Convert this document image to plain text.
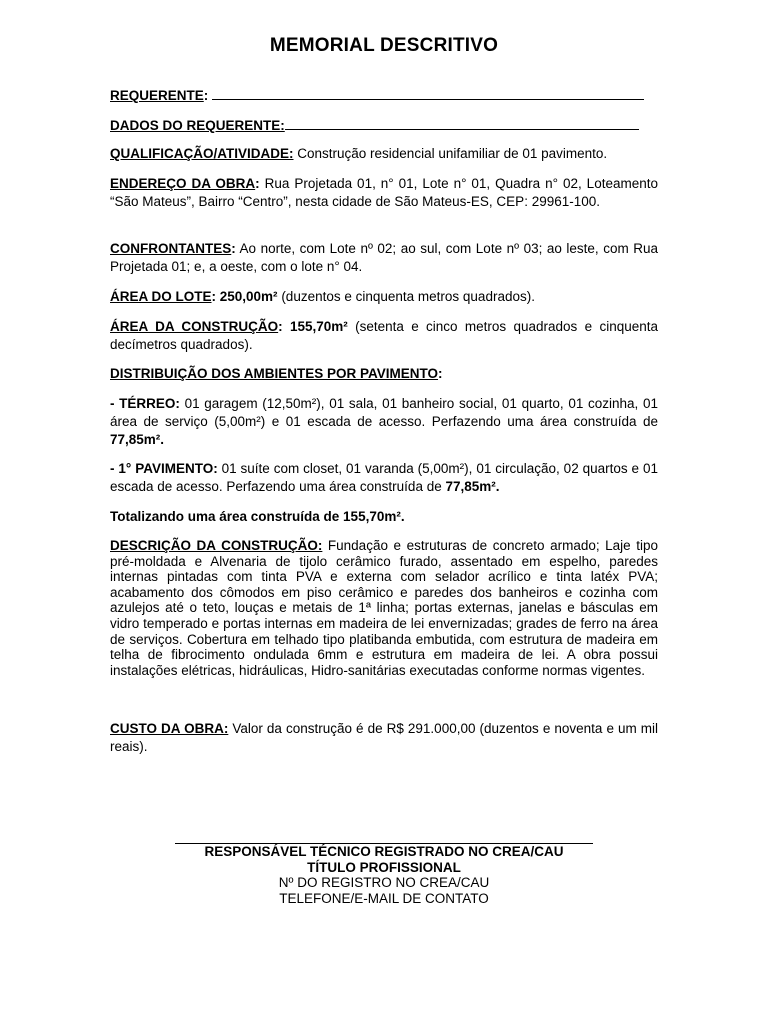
MEMORIAL DESCRITIVO
REQUERENTE:
DADOS DO REQUERENTE:
QUALIFICAÇÃO/ATIVIDADE: Construção residencial unifamiliar de 01 pavimento.
ENDEREÇO DA OBRA: Rua Projetada 01, n° 01, Lote n° 01, Quadra n° 02, Loteamento “São Mateus”, Bairro “Centro”, nesta cidade de São Mateus-ES, CEP: 29961-100.
CONFRONTANTES: Ao norte, com Lote nº 02; ao sul, com Lote nº 03; ao leste, com Rua Projetada 01; e, a oeste, com o lote n° 04.
ÁREA DO LOTE: 250,00m² (duzentos e cinquenta metros quadrados).
ÁREA DA CONSTRUÇÃO: 155,70m² (setenta e cinco metros quadrados e cinquenta decímetros quadrados).
DISTRIBUIÇÃO DOS AMBIENTES POR PAVIMENTO:
- TÉRREO: 01 garagem (12,50m²), 01 sala, 01 banheiro social, 01 quarto, 01 cozinha, 01 área de serviço (5,00m²) e 01 escada de acesso. Perfazendo uma área construída de 77,85m².
- 1° PAVIMENTO: 01 suíte com closet, 01 varanda (5,00m²), 01 circulação, 02 quartos e 01 escada de acesso. Perfazendo uma área construída de 77,85m².
Totalizando uma área construída de 155,70m².
DESCRIÇÃO DA CONSTRUÇÃO: Fundação e estruturas de concreto armado; Laje tipo pré-moldada e Alvenaria de tijolo cerâmico furado, assentado em espelho, paredes internas pintadas com tinta PVA e externa com selador acrílico e tinta latéx PVA; acabamento dos cômodos em piso cerâmico e paredes dos banheiros e cozinha com azulejos até o teto, louças e metais de 1ª linha; portas externas, janelas e básculas em vidro temperado e portas internas em madeira de lei envernizadas; grades de ferro na área de serviços. Cobertura em telhado tipo platibanda embutida, com estrutura de madeira em telha de fibrocimento ondulada 6mm e estrutura em madeira de lei. A obra possui instalações elétricas, hidráulicas, Hidro-sanitárias executadas conforme normas vigentes.
CUSTO DA OBRA: Valor da construção é de R$ 291.000,00 (duzentos e noventa e um mil reais).
RESPONSÁVEL TÉCNICO REGISTRADO NO CREA/CAU
TÍTULO PROFISSIONAL
Nº DO REGISTRO NO CREA/CAU
TELEFONE/E-MAIL DE CONTATO
